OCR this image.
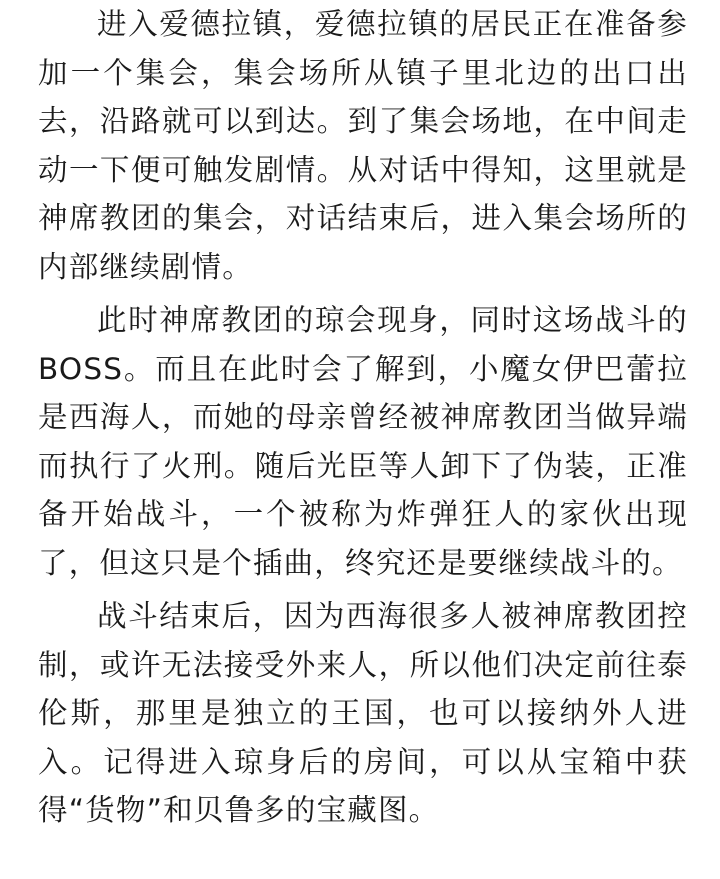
进入爱德拉镇，爱德拉镇的居民正在准备参加一个集会，集会场所从镇子里北边的出口出去，沿路就可以到达。到了集会场地，在中间走动一下便可触发剧情。从对话中得知，这里就是神席教团的集会，对话结束后，进入集会场所的内部继续剧情。

此时神席教团的琼会现身，同时这场战斗的BOSS。而且在此时会了解到，小魔女伊巴蕾拉是西海人，而她的母亲曾经被神席教团当做异端而执行了火刑。随后光臣等人卸下了伪装，正准备开始战斗，一个被称为炸弹狂人的家伙出现了，但这只是个插曲，终究还是要继续战斗的。

战斗结束后，因为西海很多人被神席教团控制，或许无法接受外来人，所以他们决定前往泰伦斯，那里是独立的王国，也可以接纳外人进入。记得进入琼身后的房间，可以从宝箱中获得“货物”和贝鲁多的宝藏图。
